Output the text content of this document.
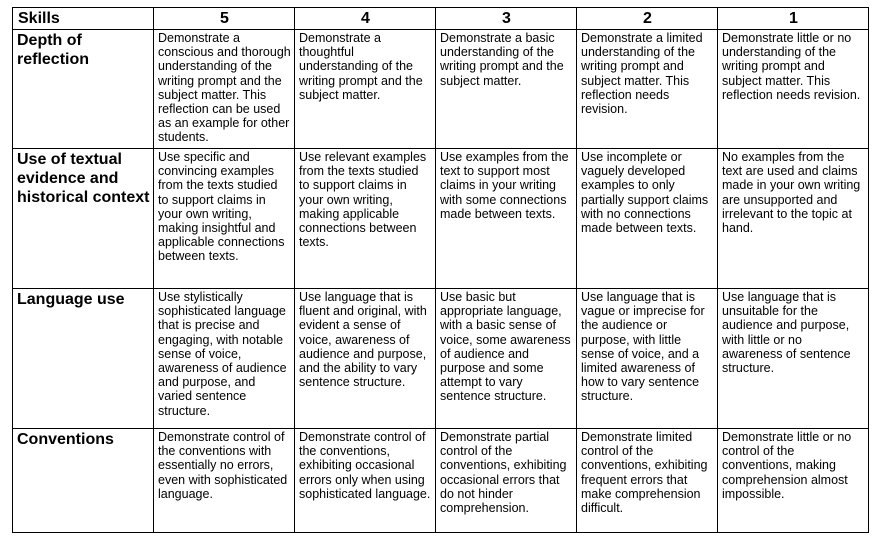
Skills	5	4	3	2	1
Depth of reflection	Demonstrate a conscious and thorough understanding of the writing prompt and the subject matter. This reflection can be used as an example for other students.	Demonstrate a thoughtful understanding of the writing prompt and the subject matter.	Demonstrate a basic understanding of the writing prompt and the subject matter.	Demonstrate a limited understanding of the writing prompt and subject matter. This reflection needs revision.	Demonstrate little or no understanding of the writing prompt and subject matter. This reflection needs revision.
Use of textual evidence and historical context	Use specific and convincing examples from the texts studied to support claims in your own writing, making insightful and applicable connections between texts.	Use relevant examples from the texts studied to support claims in your own writing, making applicable connections between texts.	Use examples from the text to support most claims in your writing with some connections made between texts.	Use incomplete or vaguely developed examples to only partially support claims with no connections made between texts.	No examples from the text are used and claims made in your own writing are unsupported and irrelevant to the topic at hand.
Language use	Use stylistically sophisticated language that is precise and engaging, with notable sense of voice, awareness of audience and purpose, and varied sentence structure.	Use language that is fluent and original, with evident a sense of voice, awareness of audience and purpose, and the ability to vary sentence structure.	Use basic but appropriate language, with a basic sense of voice, some awareness of audience and purpose and some attempt to vary sentence structure.	Use language that is vague or imprecise for the audience or purpose, with little sense of voice, and a limited awareness of how to vary sentence structure.	Use language that is unsuitable for the audience and purpose, with little or no awareness of sentence structure.
Conventions	Demonstrate control of the conventions with essentially no errors, even with sophisticated language.	Demonstrate control of the conventions, exhibiting occasional errors only when using sophisticated language.	Demonstrate partial control of the conventions, exhibiting occasional errors that do not hinder comprehension.	Demonstrate limited control of the conventions, exhibiting frequent errors that make comprehension difficult.	Demonstrate little or no control of the conventions, making comprehension almost impossible.
